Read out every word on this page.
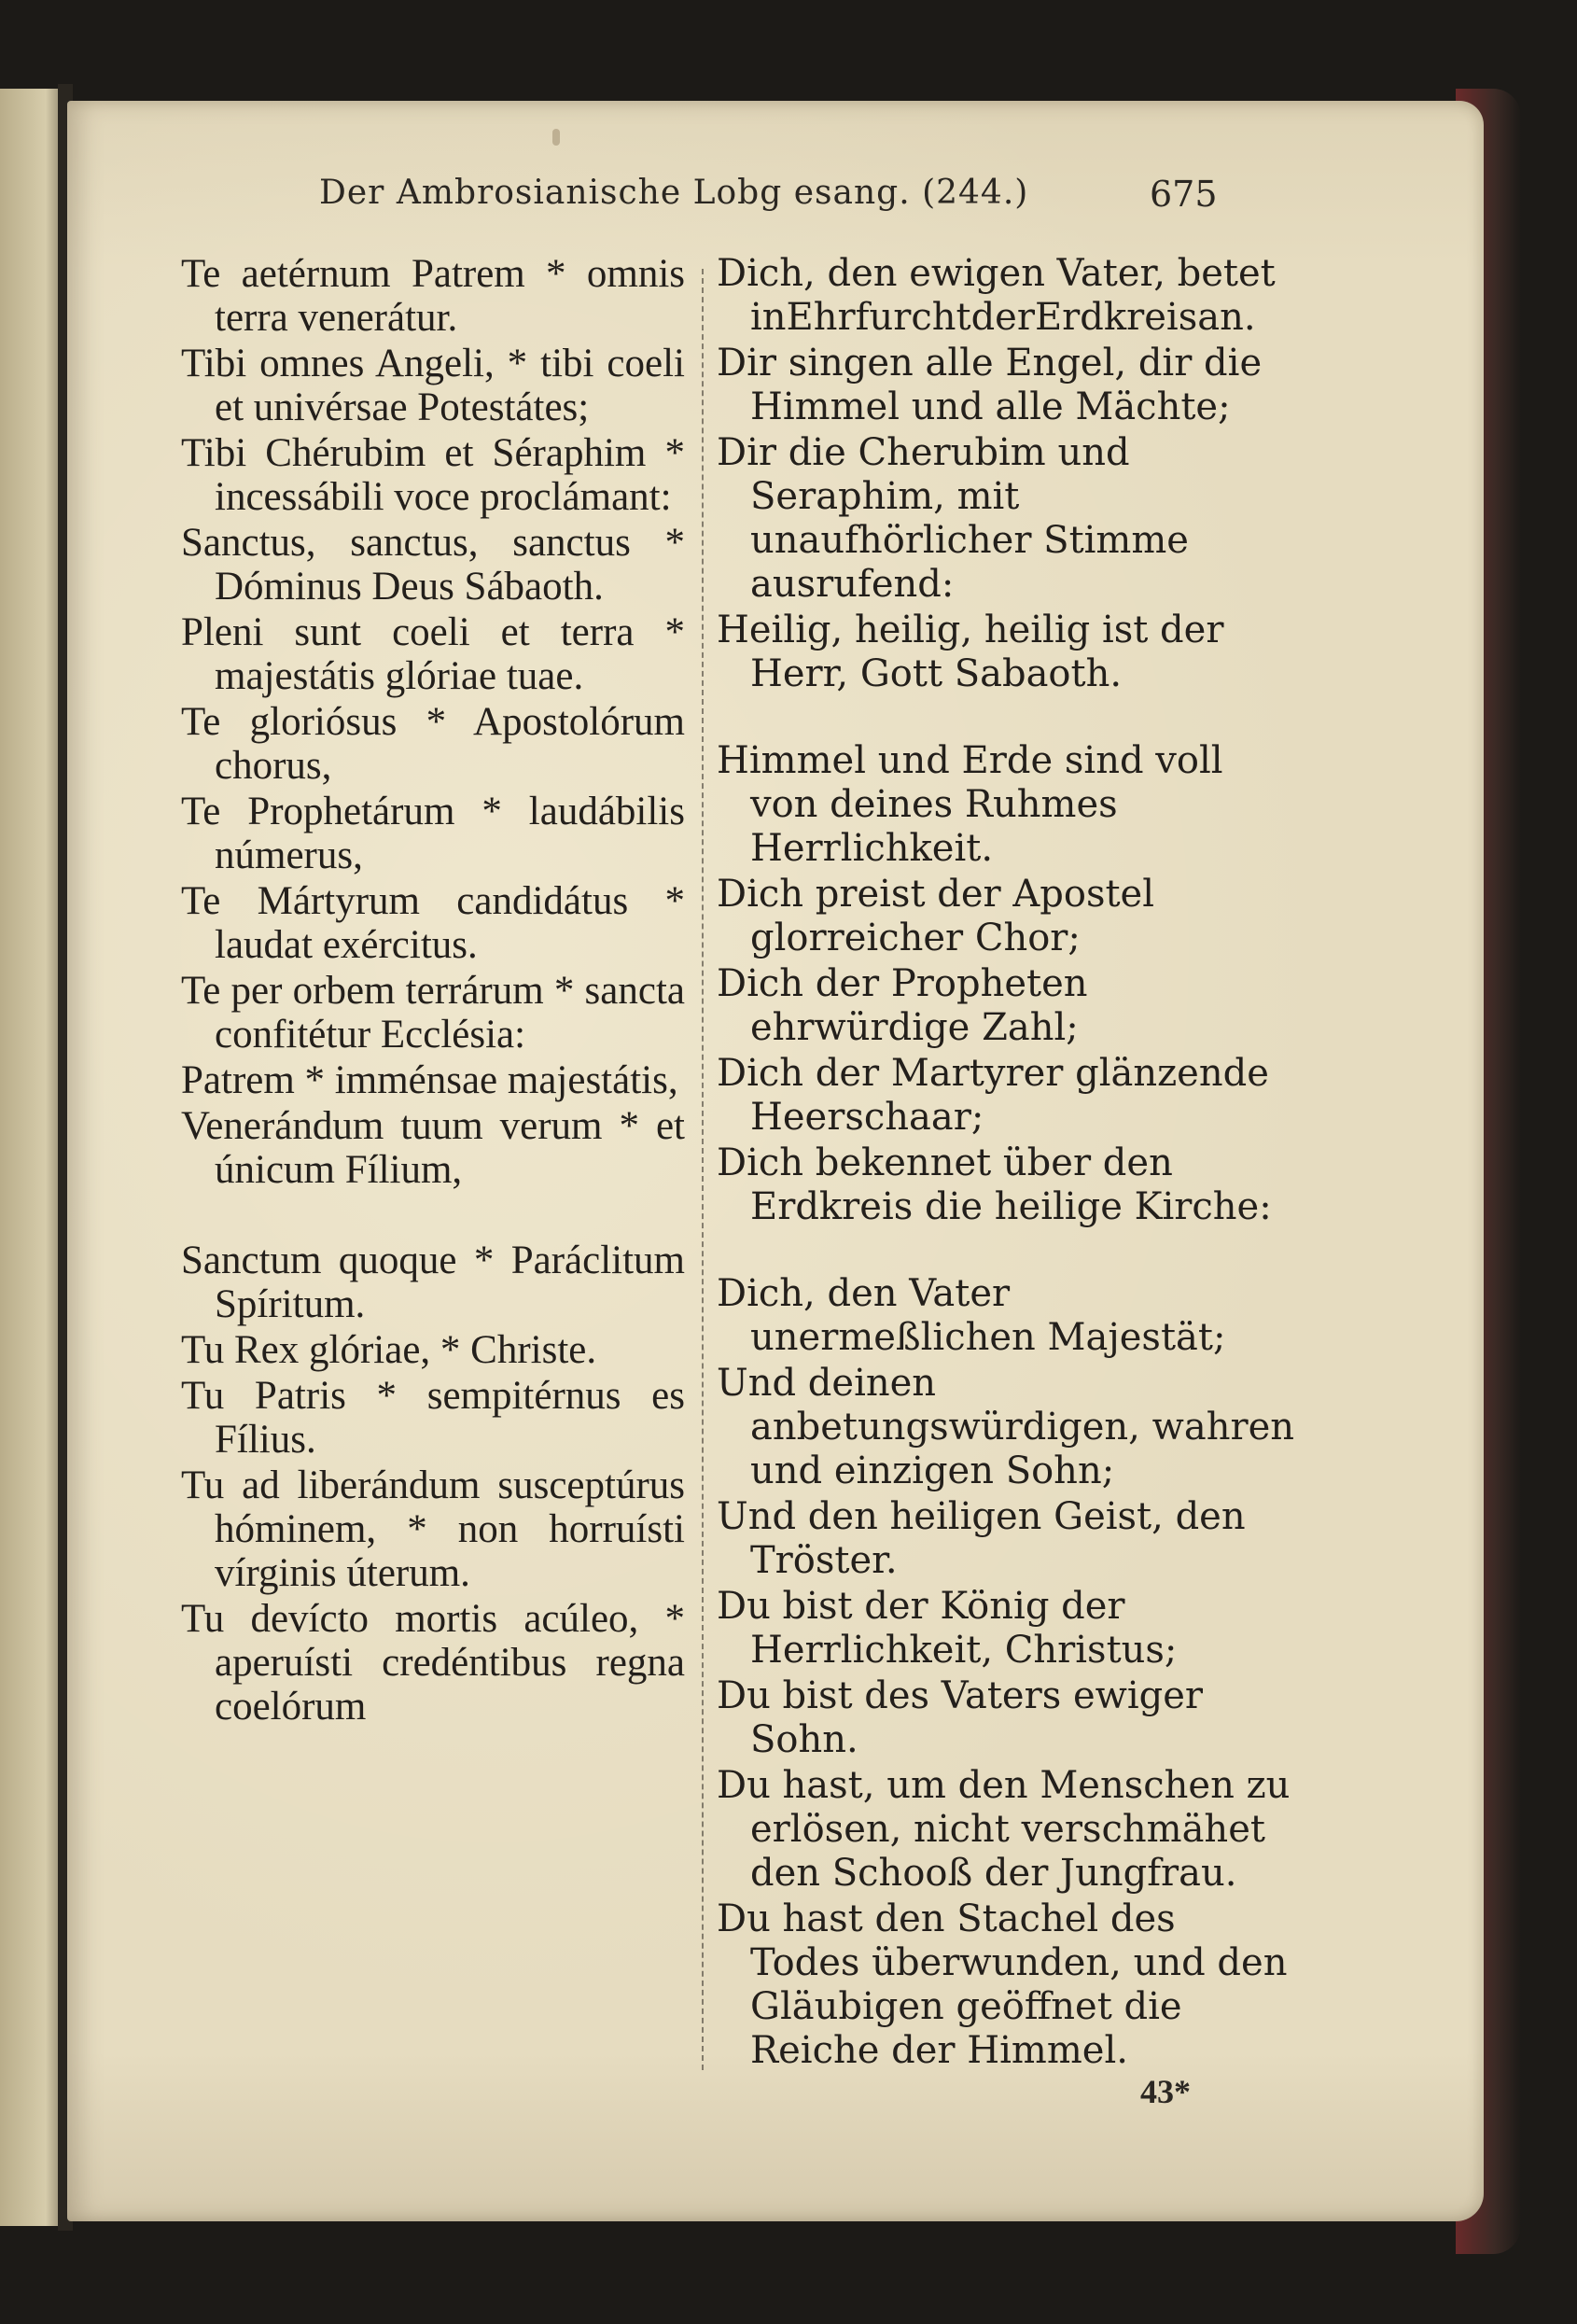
Der Ambrosianische Lobg esang. (244.)	675

Te aetérnum Patrem * omnis terra venerátur.

Tibi omnes Angeli, * tibi coeli et univérsae Potestátes;

Tibi Chérubim et Séraphim * incessábili voce proclámant:

Sanctus, sanctus, sanctus * Dóminus Deus Sábaoth.

Pleni sunt coeli et terra * majestátis glóriae tuae.

Te gloriósus * Apostolórum chorus,

Te Prophetárum * laudábilis númerus,

Te Mártyrum candidátus * laudat exércitus.

Te per orbem terrárum * sancta confitétur Ecclésia:

Patrem * imménsae majestátis,

Venerándum tuum verum * et únicum Fílium,

Sanctum quoque * Paráclitum Spíritum.

Tu Rex glóriae, * Christe.

Tu Patris * sempitérnus es Fílius.

Tu ad liberándum susceptúrus hóminem, * non horruísti vírginis úterum.

Tu devícto mortis acúleo, * aperuísti credéntibus regna coelórum

Dich, den ewigen Vater, betet inEhrfurchtderErdkreisan.

Dir singen alle Engel, dir die Himmel und alle Mächte;

Dir die Cherubim und Seraphim, mit unaufhörlicher Stimme ausrufend:

Heilig, heilig, heilig ist der Herr, Gott Sabaoth.

Himmel und Erde sind voll von deines Ruhmes Herrlichkeit.

Dich preist der Apostel glorreicher Chor;

Dich der Propheten ehrwürdige Zahl;

Dich der Martyrer glänzende Heerschaar;

Dich bekennet über den Erdkreis die heilige Kirche:

Dich, den Vater unermeßlichen Majestät;

Und deinen anbetungswürdigen, wahren und einzigen Sohn;

Und den heiligen Geist, den Tröster.

Du bist der König der Herrlichkeit, Christus;

Du bist des Vaters ewiger Sohn.

Du hast, um den Menschen zu erlösen, nicht verschmähet den Schooß der Jungfrau.

Du hast den Stachel des Todes überwunden, und den Gläubigen geöffnet die Reiche der Himmel.

43*
